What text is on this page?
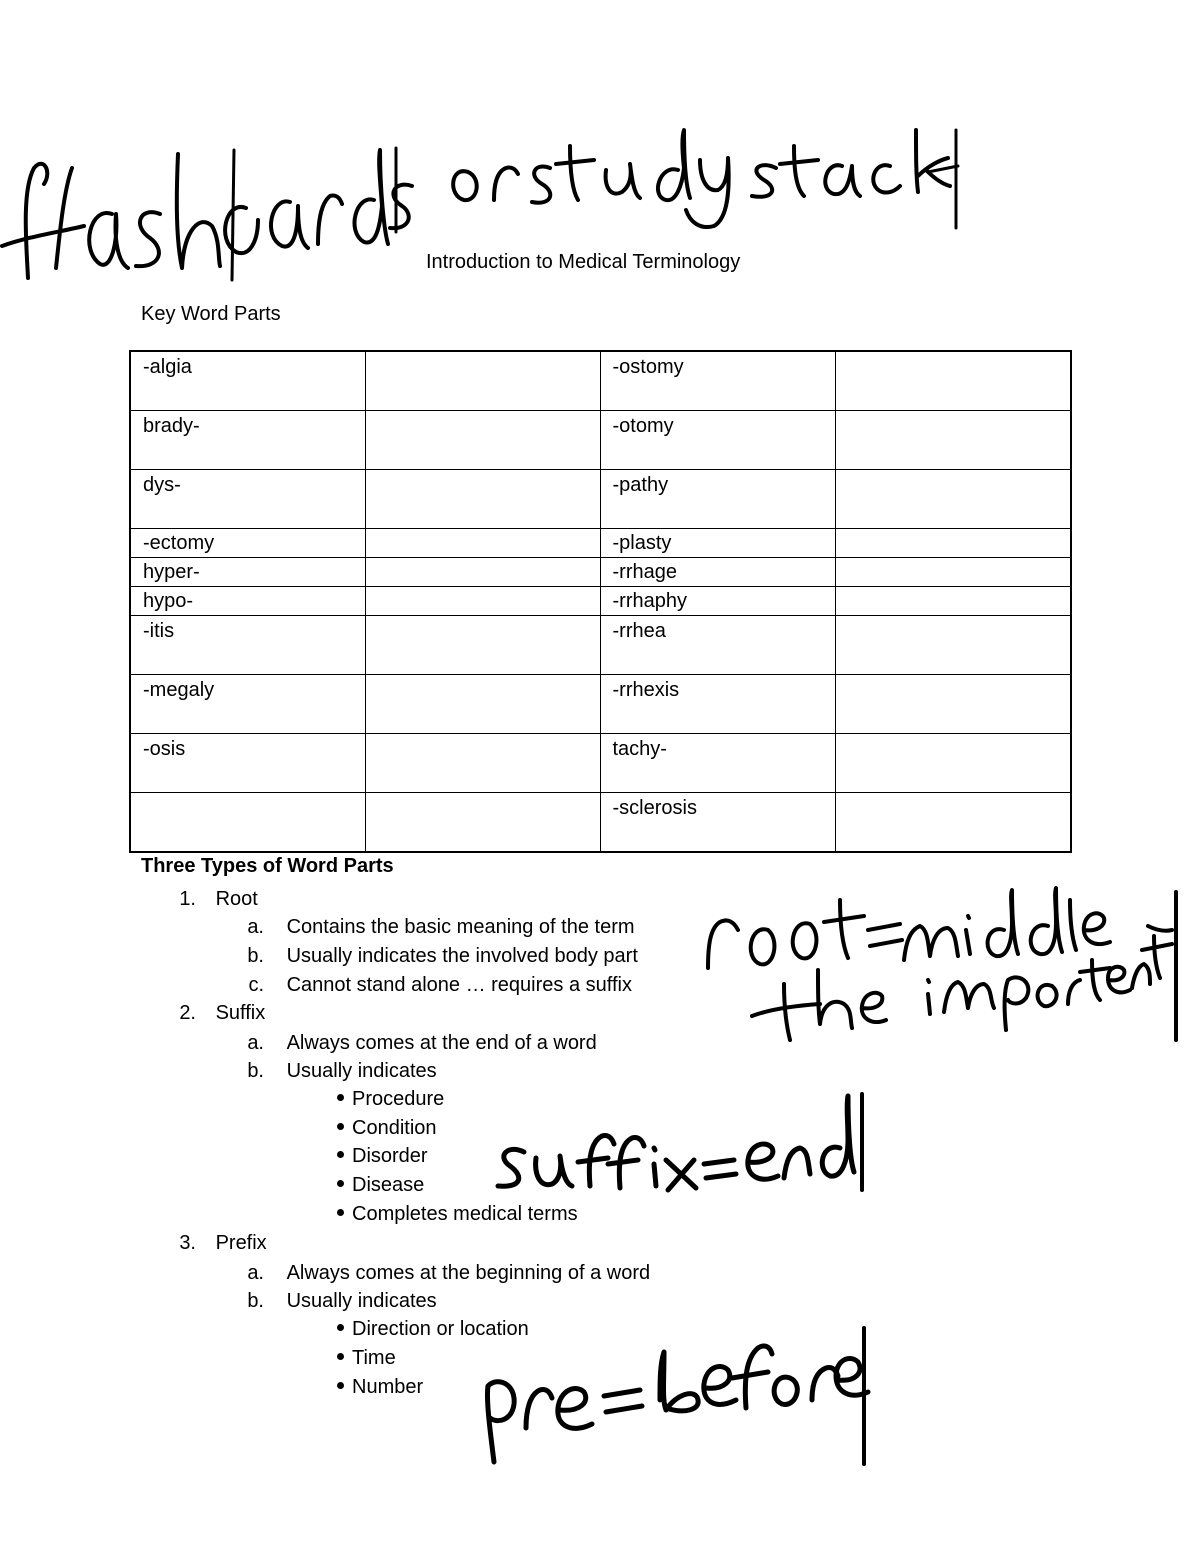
Introduction to Medical Terminology
Key Word Parts
-algia		-ostomy	
brady-		-otomy	
dys-		-pathy	
-ectomy		-plasty	
hyper-		-rrhage	
hypo-		-rrhaphy	
-itis		-rrhea	
-megaly		-rrhexis	
-osis		tachy-	
		-sclerosis	
Three Types of Word Parts
1. Root
a. Contains the basic meaning of the term
b. Usually indicates the involved body part
c. Cannot stand alone … requires a suffix
2. Suffix
a. Always comes at the end of a word
b. Usually indicates
Procedure
Condition
Disorder
Disease
Completes medical terms
3. Prefix
a. Always comes at the beginning of a word
b. Usually indicates
Direction or location
Time
Number
